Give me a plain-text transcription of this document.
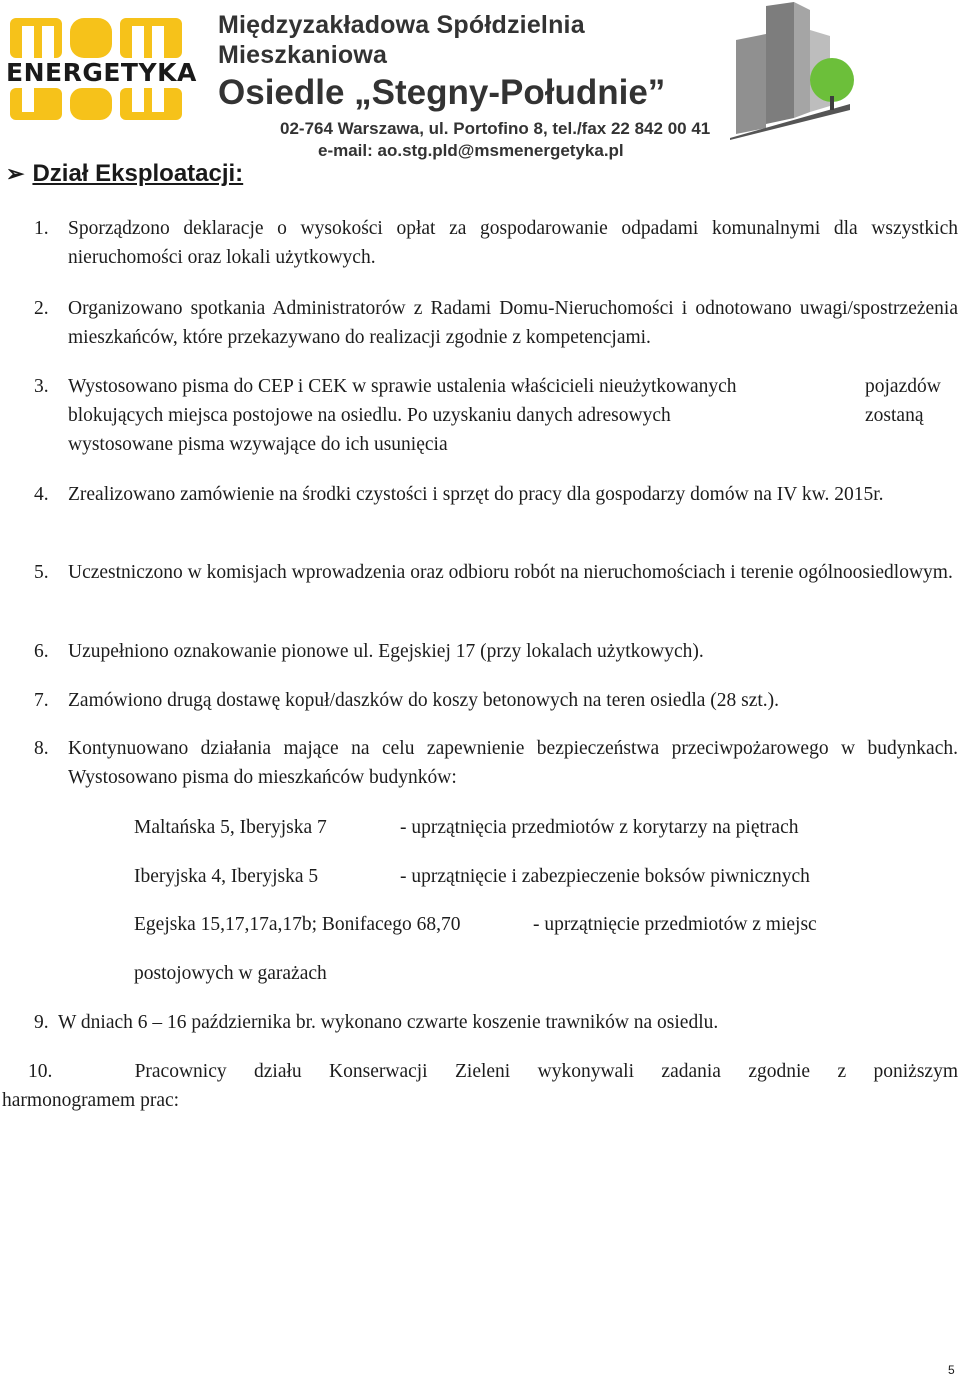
ENERGETYKA

Międzyzakładowa Spółdzielnia Mieszkaniowa
Osiedle „Stegny-Południe”
02-764 Warszawa, ul. Portofino 8, tel./fax 22 842 00 41
e-mail: ao.stg.pld@msmenergetyka.pl
➢ Dział Eksploatacji:
1. Sporządzono deklaracje o wysokości opłat za gospodarowanie odpadami komunalnymi dla wszystkich nieruchomości oraz lokali użytkowych.
2. Organizowano spotkania Administratorów z Radami Domu-Nieruchomości i odnotowano uwagi/spostrzeżenia mieszkańców, które przekazywano do realizacji zgodnie z kompetencjami.
3. Wystosowano pisma do CEP i CEK w sprawie ustalenia właścicieli nieużytkowanych	pojazdów
blokujących miejsca postojowe na osiedlu. Po uzyskaniu danych adresowych	zostaną
wystosowane pisma wzywające do ich usunięcia
4. Zrealizowano zamówienie na środki czystości i sprzęt do pracy dla gospodarzy domów na IV kw. 2015r.
5. Uczestniczono w komisjach wprowadzenia oraz odbioru robót na nieruchomościach i terenie ogólnoosiedlowym.
6. Uzupełniono oznakowanie pionowe ul. Egejskiej 17 (przy lokalach użytkowych).
7. Zamówiono drugą dostawę kopuł/daszków do koszy betonowych na teren osiedla (28 szt.).
8. Kontynuowano działania mające na celu zapewnienie bezpieczeństwa przeciwpożarowego w budynkach. Wystosowano pisma do mieszkańców budynków:
Maltańska 5, Iberyjska 7	- uprzątnięcia przedmiotów z korytarzy na piętrach
Iberyjska 4, Iberyjska 5	- uprzątnięcie i zabezpieczenie boksów piwnicznych
Egejska 15,17,17a,17b; Bonifacego 68,70	- uprzątnięcie przedmiotów z miejsc
postojowych w garażach
9. W dniach 6 – 16 października br. wykonano czwarte koszenie trawników na osiedlu.
10.	Pracownicy działu Konserwacji Zieleni wykonywali zadania zgodnie z poniższym
harmonogramem prac:
5
